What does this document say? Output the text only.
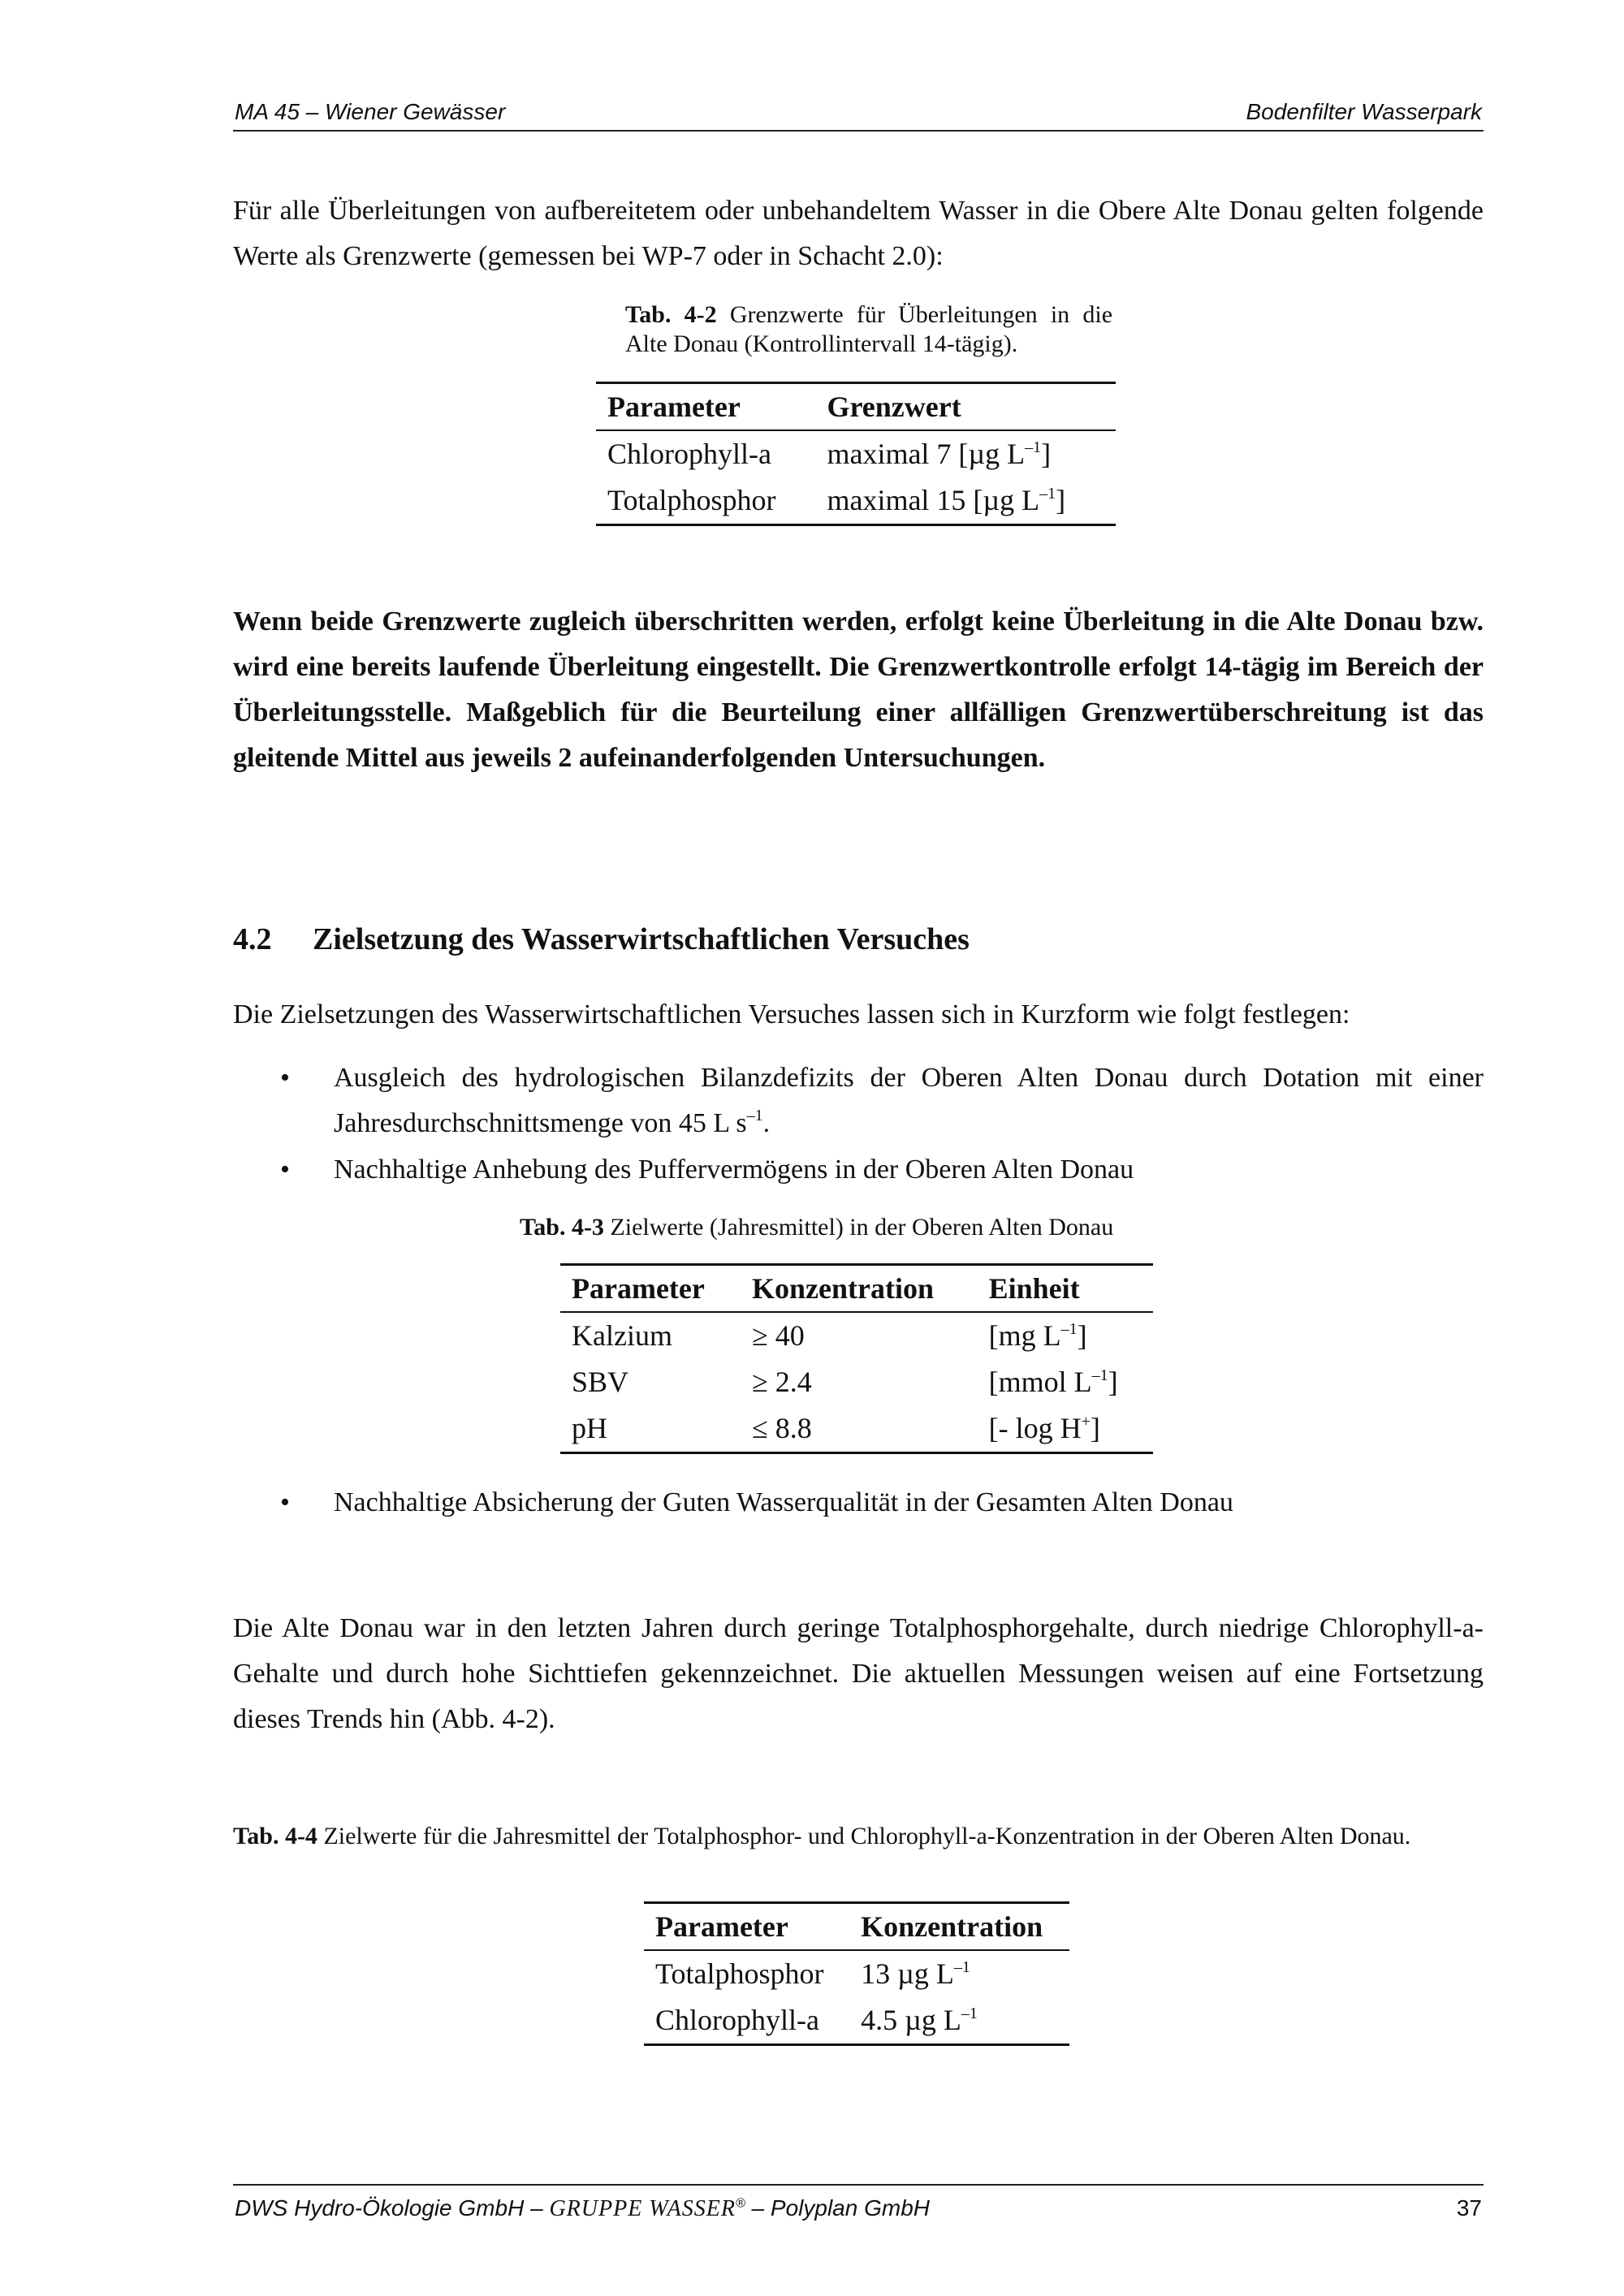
MA 45 – Wiener Gewässer	Bodenfilter Wasserpark
Für alle Überleitungen von aufbereitetem oder unbehandeltem Wasser in die Obere Alte Donau gelten folgende Werte als Grenzwerte (gemessen bei WP-7 oder in Schacht 2.0):
Tab. 4-2 Grenzwerte für Überleitungen in die Alte Donau (Kontrollintervall 14-tägig).
Parameter	Grenzwert
Chlorophyll-a	maximal 7 [µg $L^{-1}$]
Totalphosphor	maximal 15 [µg $L^{-1}$]
Wenn beide Grenzwerte zugleich überschritten werden, erfolgt keine Überleitung in die Alte Donau bzw. wird eine bereits laufende Überleitung eingestellt. Die Grenzwertkontrolle erfolgt 14-tägig im Bereich der Überleitungsstelle. Maßgeblich für die Beurteilung einer allfälligen Grenzwertüberschreitung ist das gleitende Mittel aus jeweils 2 aufeinanderfolgenden Untersuchungen.
4.2 Zielsetzung des Wasserwirtschaftlichen Versuches
Die Zielsetzungen des Wasserwirtschaftlichen Versuches lassen sich in Kurzform wie folgt festlegen:
• Ausgleich des hydrologischen Bilanzdefizits der Oberen Alten Donau durch Dotation mit einer Jahresdurchschnittsmenge von 45 L $s^{-1}$.
• Nachhaltige Anhebung des Puffervermögens in der Oberen Alten Donau
Tab. 4-3 Zielwerte (Jahresmittel) in der Oberen Alten Donau
Parameter	Konzentration	Einheit
Kalzium	≥ 40	[mg $L^{-1}$]
SBV	≥ 2.4	[mmol $L^{-1}$]
pH	≤ 8.8	[- log H+]
• Nachhaltige Absicherung der Guten Wasserqualität in der Gesamten Alten Donau
Die Alte Donau war in den letzten Jahren durch geringe Totalphosphorgehalte, durch niedrige Chlorophyll-a-Gehalte und durch hohe Sichttiefen gekennzeichnet. Die aktuellen Messungen weisen auf eine Fortsetzung dieses Trends hin (Abb. 4-2).
Tab. 4-4 Zielwerte für die Jahresmittel der Totalphosphor- und Chlorophyll-a-Konzentration in der Oberen Alten Donau.
Parameter	Konzentration
Totalphosphor	13 µg $L^{-1}$
Chlorophyll-a	4.5 µg $L^{-1}$
DWS Hydro-Ökologie GmbH – GRUPPE WASSER® – Polyplan GmbH	37
